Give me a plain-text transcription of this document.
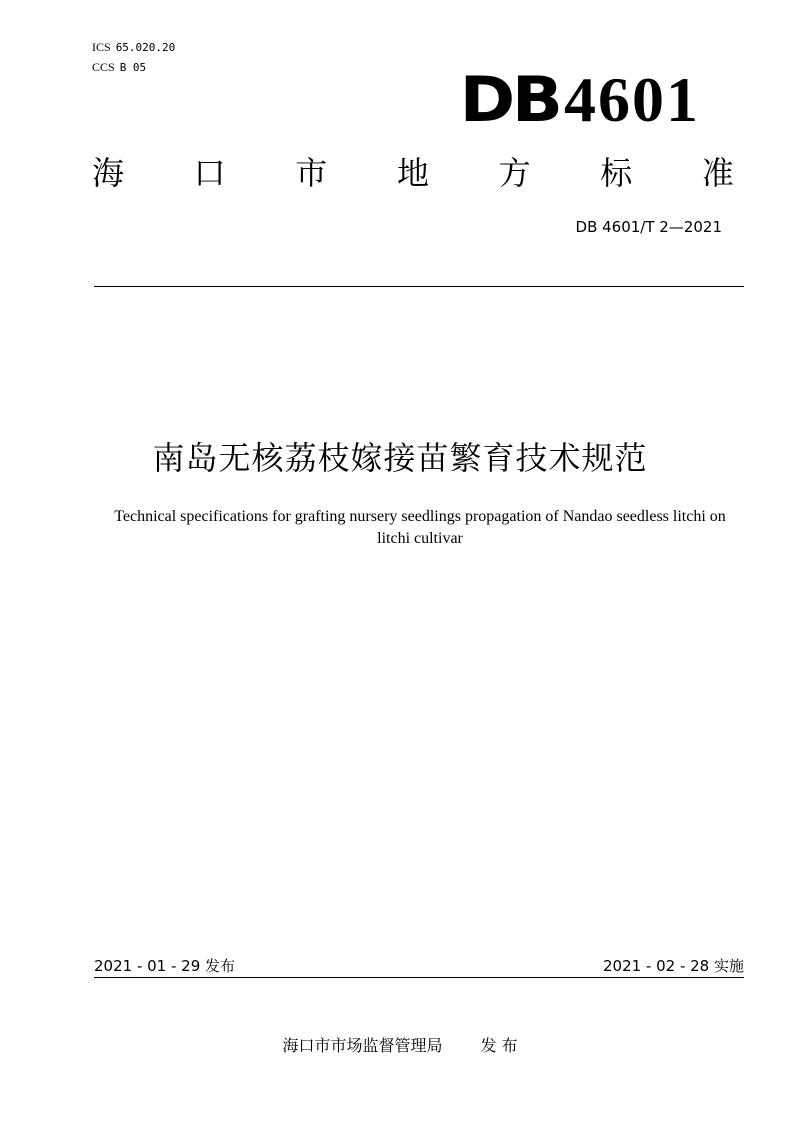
ICS 65.020.20
CCS B 05	DB 4601
海 口 市 地 方 标 准
DB 4601/T 2—2021
南岛无核荔枝嫁接苗繁育技术规范
Technical specifications for grafting nursery seedlings propagation of Nandao seedless litchi on litchi cultivar
2021 - 01 - 29 发布	2021 - 02 - 28 实施
海口市市场监督管理局 发 布
